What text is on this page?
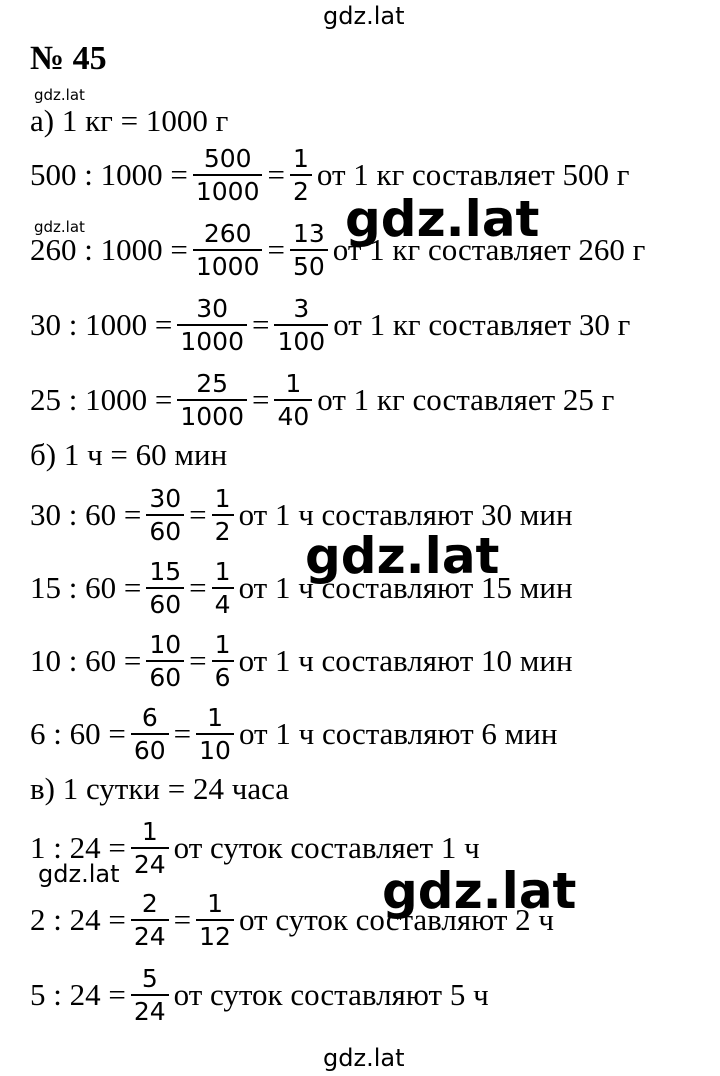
gdz.lat
gdz.lat
gdz.lat
№ 45
а) 1 кг = 1000 г
500 : $1000 = \frac{500}{1000} = \frac{1}{2}$ от 1 кг составляет 500 г
260 : $1000 = \frac{260}{1000} = \frac{13}{50}$ от 1 кг составляет 260 г
30 : $1000 = \frac{30}{1000} = \frac{3}{100}$ от 1 кг составляет 30 г
25 : $1000 = \frac{25}{1000} = \frac{1}{40}$ от 1 кг составляет 25 г
б) 1 ч = 60 мин
30 : $60 = \frac{30}{60} = \frac{1}{2}$ от 1 ч составляют 30 мин
15 : $60 = \frac{15}{60} = \frac{1}{4}$ от 1 ч составляют 15 мин
10 : $60 = \frac{10}{60} = \frac{1}{6}$ от 1 ч составляют 10 мин
6 : $60 = \frac{6}{60} = \frac{1}{10}$ от 1 ч составляют 6 мин
в) 1 сутки = 24 часа
1 : $24 = \frac{1}{24}$ от суток составляет 1 ч
2 : $24 = \frac{2}{24} = \frac{1}{12}$ от суток составляют 2 ч
5 : $24 = \frac{5}{24}$ от суток составляют 5 ч
gdz.lat
gdz.lat
gdz.lat
gdz.lat
gdz.lat
